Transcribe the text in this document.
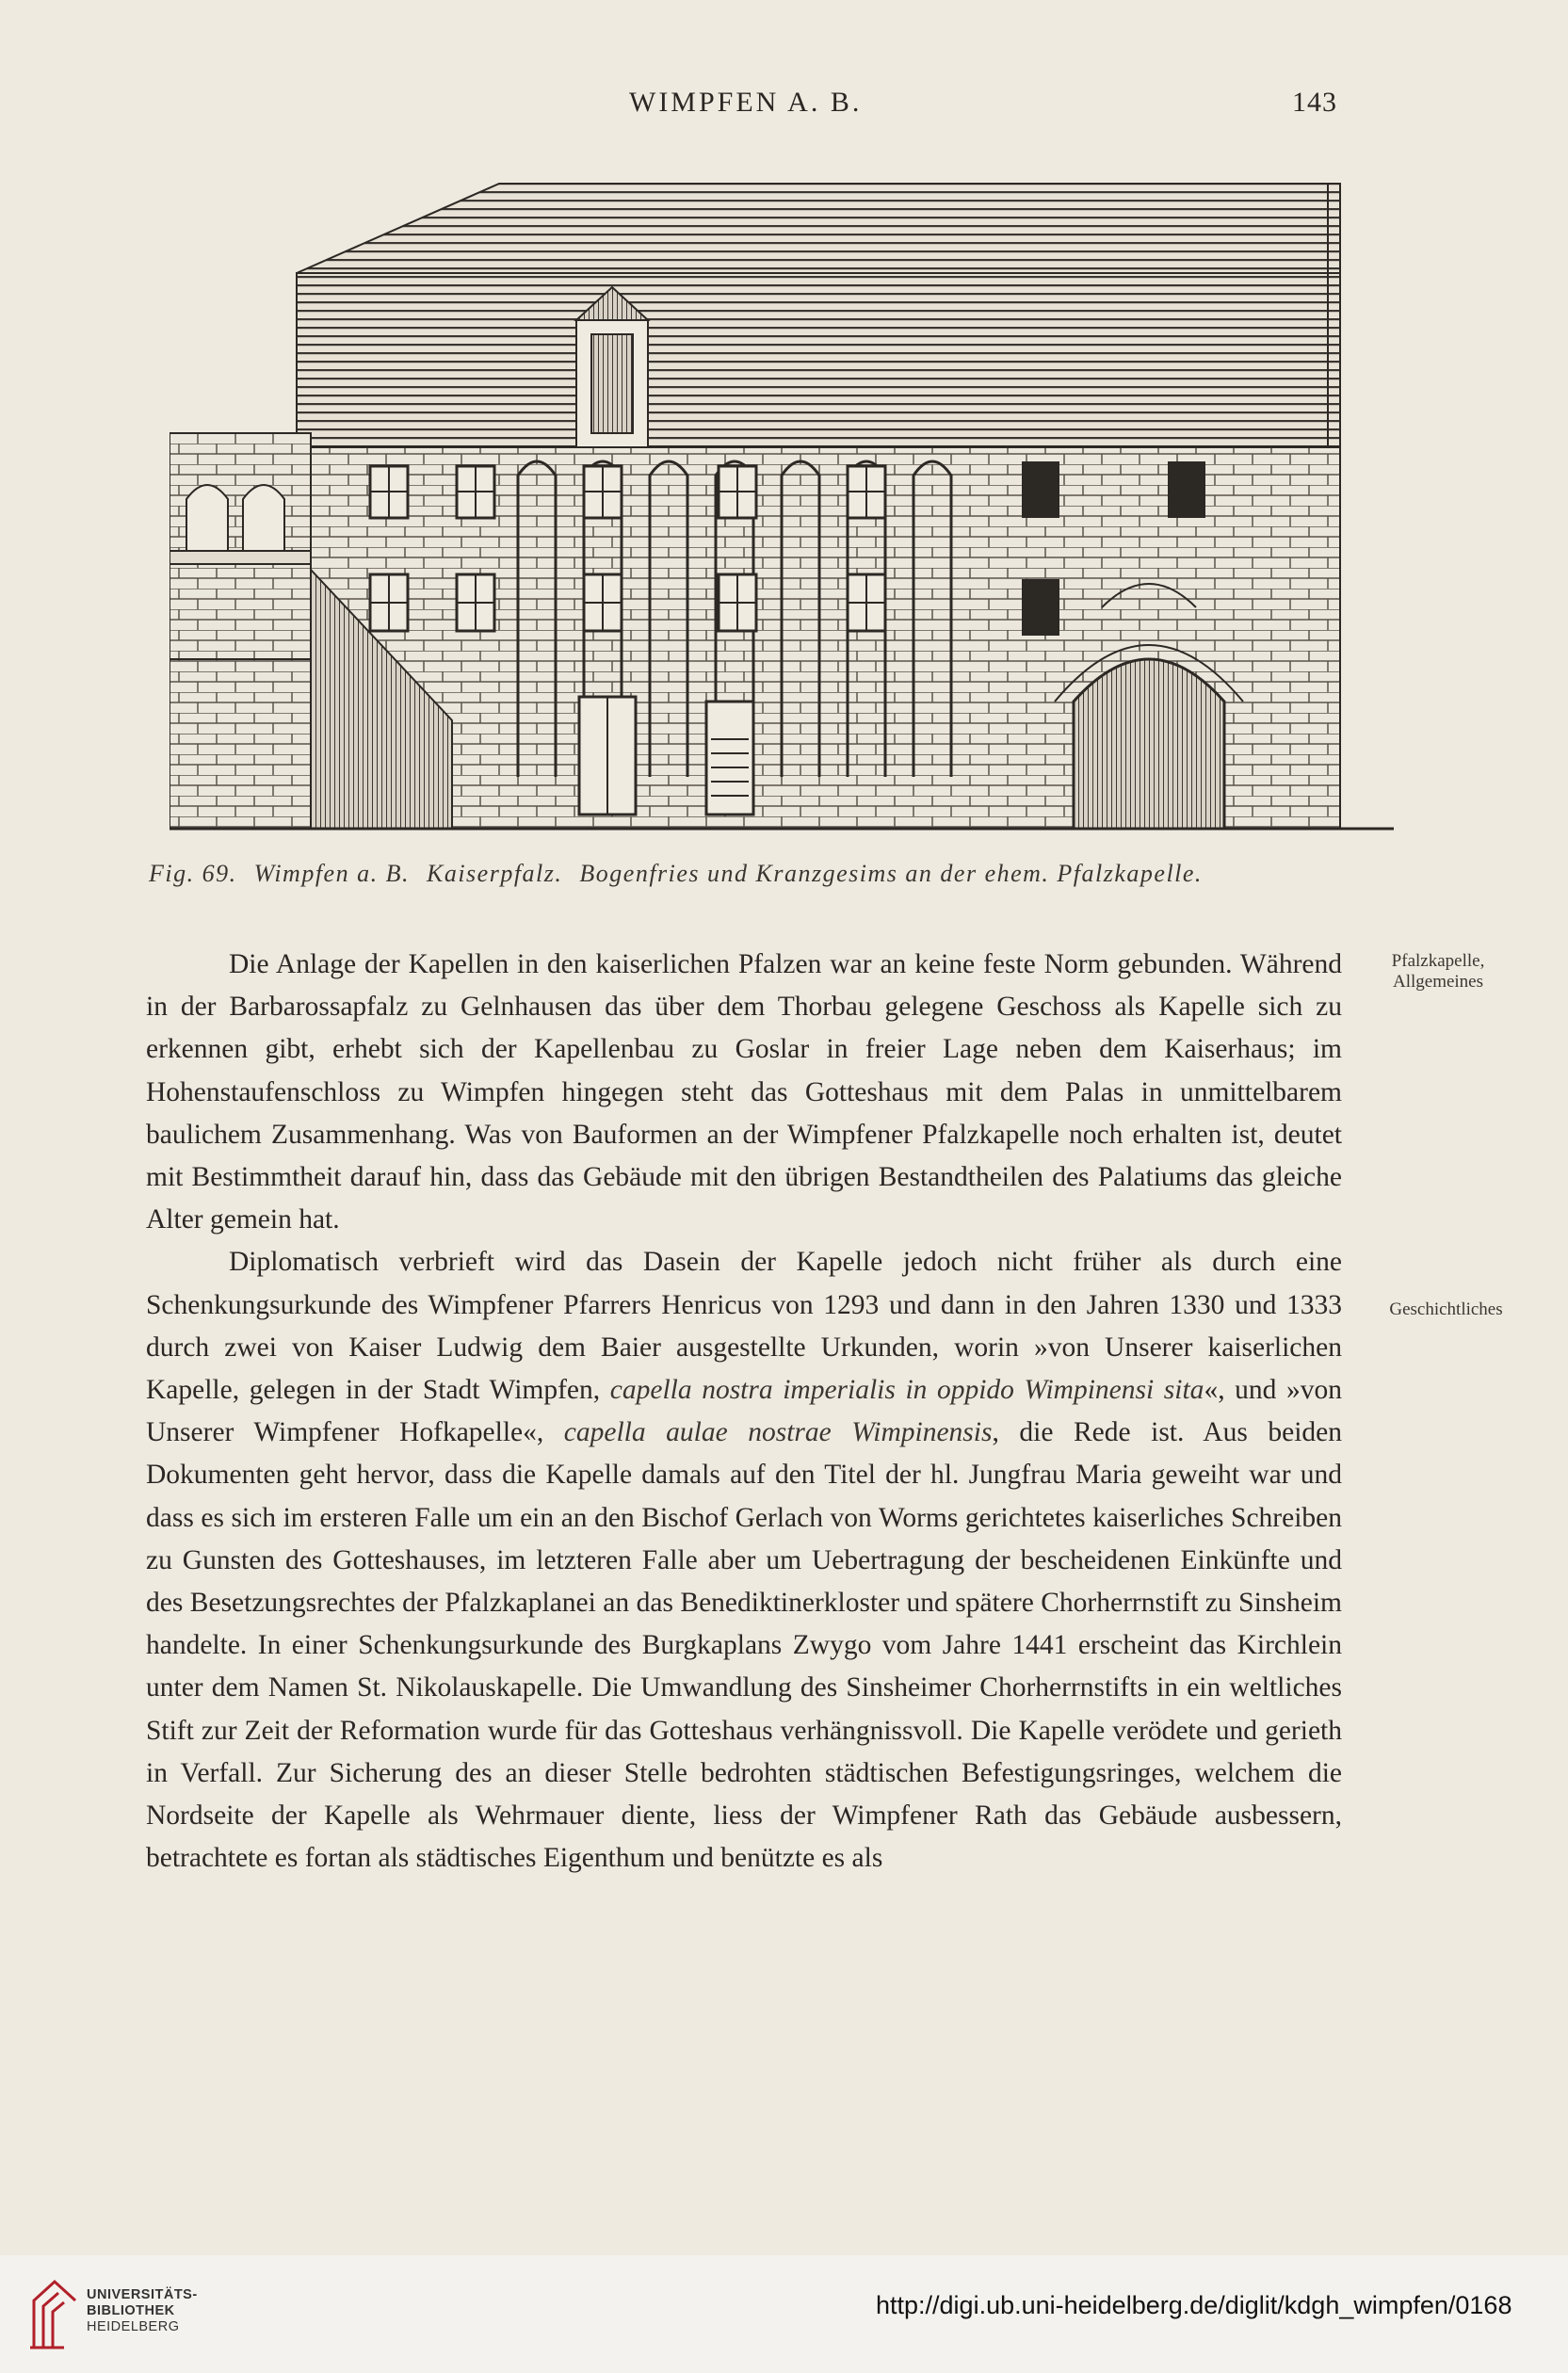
WIMPFEN A. B.	143
Fig. 69. Wimpfen a. B. Kaiserpfalz. Bogenfries und Kranzgesims an der ehem. Pfalzkapelle.
Pfalzkapelle,
Allgemeines
Geschichtliches

Die Anlage der Kapellen in den kaiserlichen Pfalzen war an keine feste Norm gebunden. Während in der Barbarossapfalz zu Gelnhausen das über dem Thorbau gelegene Geschoss als Kapelle sich zu erkennen gibt, erhebt sich der Kapellenbau zu Goslar in freier Lage neben dem Kaiserhaus; im Hohenstaufenschloss zu Wimpfen hingegen steht das Gotteshaus mit dem Palas in unmittelbarem baulichem Zusammenhang. Was von Bauformen an der Wimpfener Pfalzkapelle noch erhalten ist, deutet mit Bestimmtheit darauf hin, dass das Gebäude mit den übrigen Bestandtheilen des Palatiums das gleiche Alter gemein hat.

Diplomatisch verbrieft wird das Dasein der Kapelle jedoch nicht früher als durch eine Schenkungsurkunde des Wimpfener Pfarrers Henricus von 1293 und dann in den Jahren 1330 und 1333 durch zwei von Kaiser Ludwig dem Baier ausgestellte Urkunden, worin »von Unserer kaiserlichen Kapelle, gelegen in der Stadt Wimpfen, capella nostra imperialis in oppido Wimpinensi sita«, und »von Unserer Wimpfener Hofkapelle«, capella aulae nostrae Wimpinensis, die Rede ist. Aus beiden Dokumenten geht hervor, dass die Kapelle damals auf den Titel der hl. Jungfrau Maria geweiht war und dass es sich im ersteren Falle um ein an den Bischof Gerlach von Worms gerichtetes kaiserliches Schreiben zu Gunsten des Gotteshauses, im letzteren Falle aber um Uebertragung der bescheidenen Einkünfte und des Besetzungsrechtes der Pfalzkaplanei an das Benediktinerkloster und spätere Chorherrnstift zu Sinsheim handelte. In einer Schenkungsurkunde des Burgkaplans Zwygo vom Jahre 1441 erscheint das Kirchlein unter dem Namen St. Nikolauskapelle. Die Umwandlung des Sinsheimer Chorherrnstifts in ein weltliches Stift zur Zeit der Reformation wurde für das Gotteshaus verhängnissvoll. Die Kapelle verödete und gerieth in Verfall. Zur Sicherung des an dieser Stelle bedrohten städtischen Befestigungsringes, welchem die Nordseite der Kapelle als Wehrmauer diente, liess der Wimpfener Rath das Gebäude ausbessern, betrachtete es fortan als städtisches Eigenthum und benützte es als

UNIVERSITÄTS-
BIBLIOTHEK
HEIDELBERG
http://digi.ub.uni-heidelberg.de/diglit/kdgh_wimpfen/0168
